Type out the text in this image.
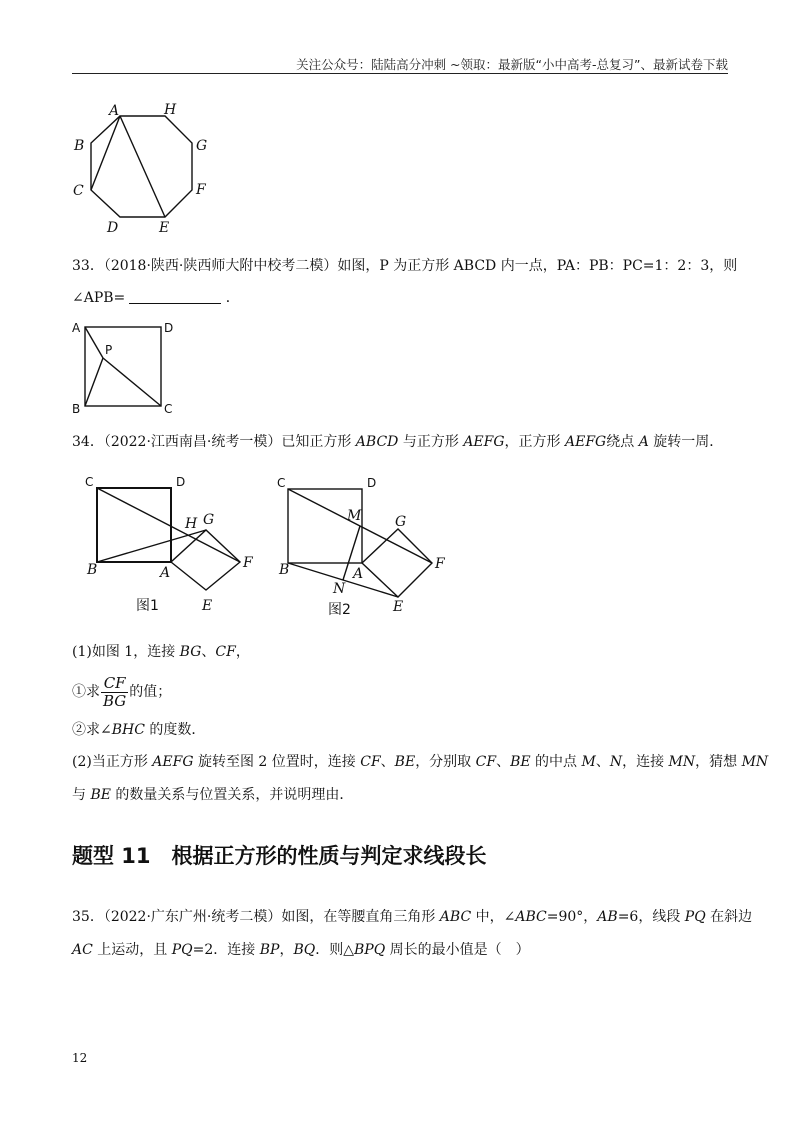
关注公众号：陆陆高分冲刺 ~领取：最新版“小中高考-总复习”、最新试卷下载
A	H
G
B
F
C
D	E
33．（2018·陕西·陕西师大附中校考二模）如图，P 为正方形 ABCD 内一点，PA：PB：PC=1：2：3，则
∠APB=	．
A	D
P
B	C
34．（2022·江西南昌·统考一模）已知正方形 ABCD 与正方形 AEFG，正方形 AEFG绕点 A 旋转一周．
C	D
H G
F
B	A
E
图1
C	D
M G
F
B	A
N
E
图2
(1)如图 1，连接 BG、CF，
①求 $\frac{CF}{BG}$ 的值；
②求∠BHC 的度数．
(2)当正方形 AEFG 旋转至图 2 位置时，连接 CF、BE，分别取 CF、BE 的中点 M、N，连接 MN，猜想 MN
与 BE 的数量关系与位置关系，并说明理由．
题型 11　根据正方形的性质与判定求线段长
35．（2022·广东广州·统考二模）如图，在等腰直角三角形 ABC 中，∠ABC=90°，AB=6，线段 PQ 在斜边
AC 上运动，且 PQ=2．连接 BP，BQ．则△BPQ 周长的最小值是（　）
12
